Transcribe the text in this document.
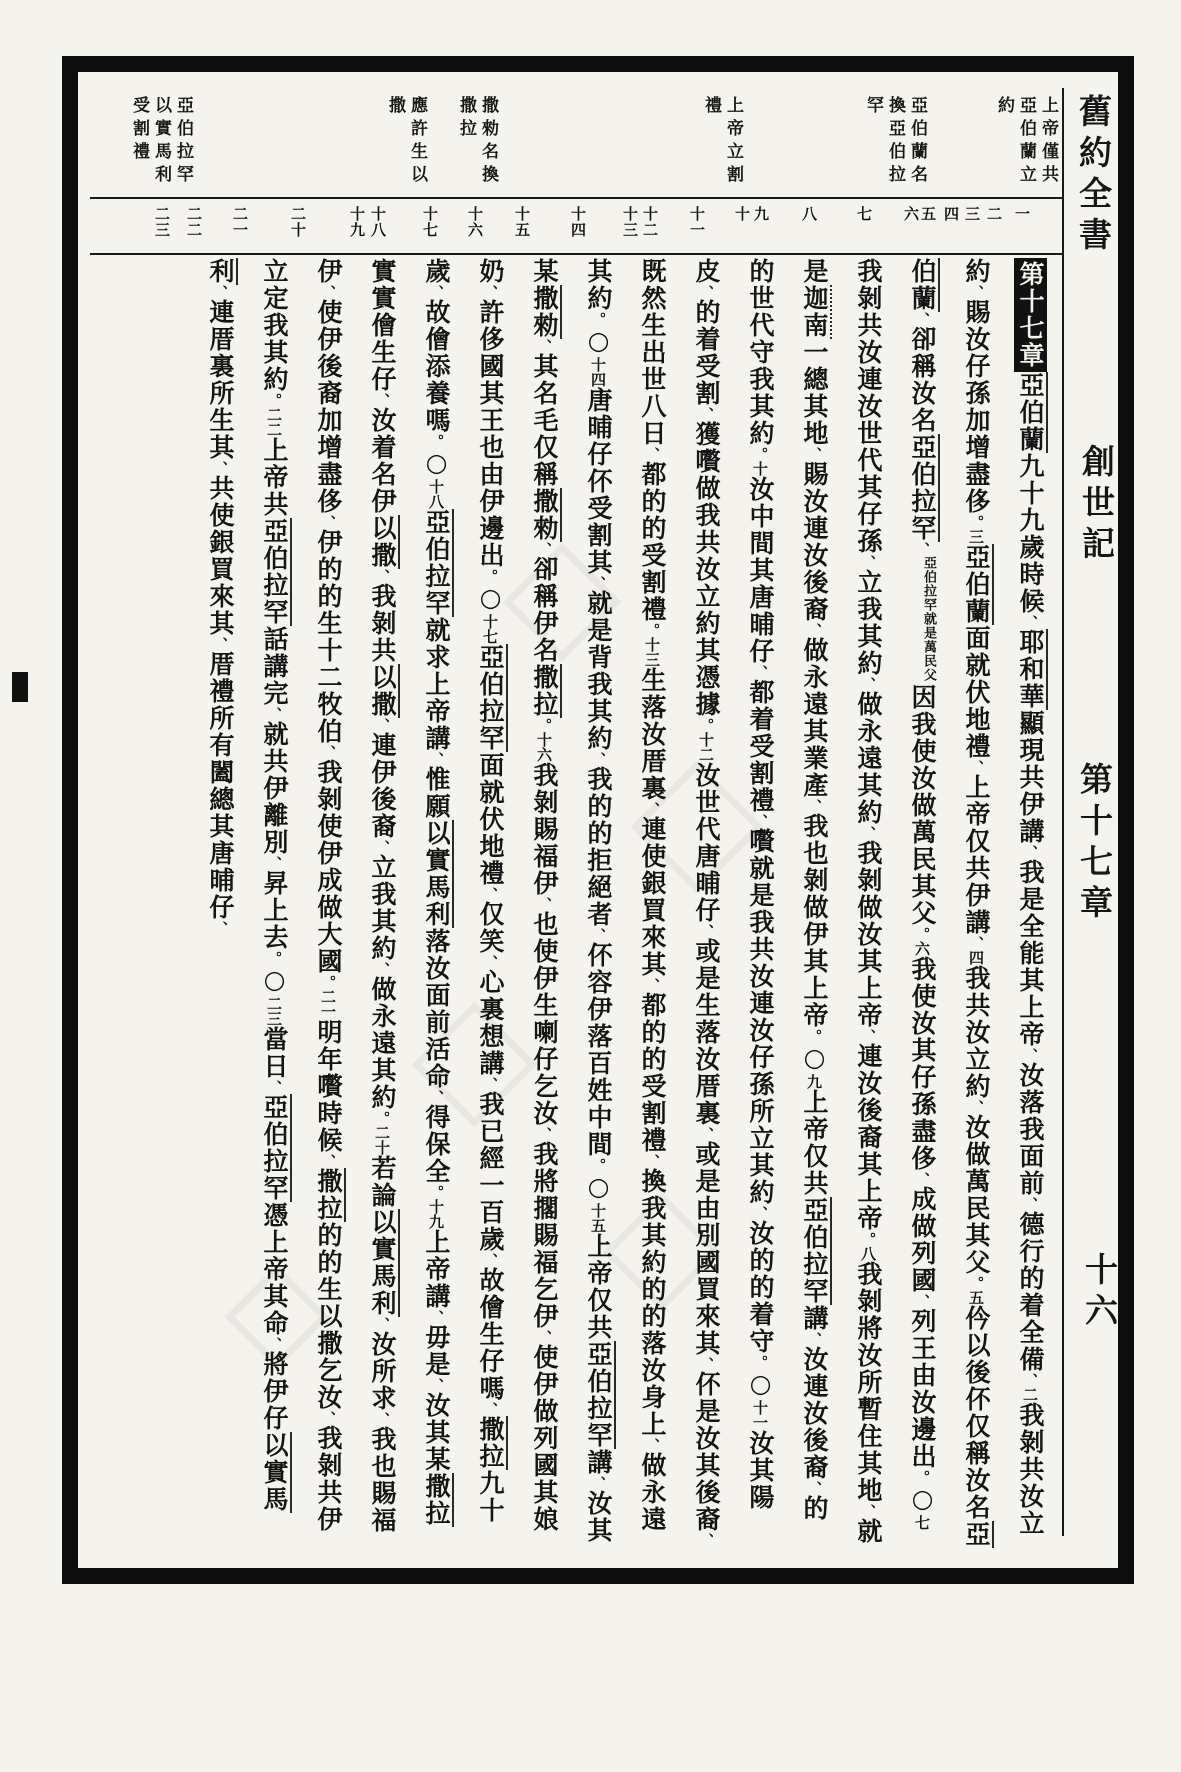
舊約全書
創世記
第十七章
十六
上帝僅共亞伯蘭立約
亞伯蘭名換亞伯拉罕
上帝立割禮
撒勑名換撒拉
應許生以撒
亞伯拉罕以實馬利受割禮
一
二
三
四
五
六
七
八
九
十
十一
十二
十三
十四
十五
十六
十七
十八
十九
二十
二一
二二
二三
第十七章亞伯蘭九十九歲時候、耶和華顯現共伊講、我是全能其上帝、汝落我面前、德行的着全備、二我剝共汝立約、賜汝仔孫加增盡侈。三亞伯蘭面就伏地禮、上帝仅共伊講、四我共汝立約、汝做萬民其父。五仱以後伓仅稱汝名亞伯蘭、卻稱汝名亞伯拉罕、亞伯拉罕就是萬民父因我使汝做萬民其父。六我使汝其仔孫盡侈、成做列國、列王由汝邊出。○七我剝共汝連汝世代其仔孫、立我其約、做永遠其約、我剝做汝其上帝、連汝後裔其上帝。八我剝將汝所暫住其地、就是迦南一總其地、賜汝連汝後裔、做永遠其業產、我也剝做伊其上帝。○九上帝仅共亞伯拉罕講、汝連汝後裔、的的世代守我其約。十汝中間其唐晡仔、都着受割禮、嚽就是我共汝連汝仔孫所立其約、汝的的着守。○十一汝其陽皮、的着受割、獲嚽做我共汝立約其憑據。十二汝世代唐晡仔、或是生落汝厝裏、或是由別國買來其、伓是汝其後裔、既然生出世八日、都的的受割禮。十三生落汝厝裏、連使銀買來其、都的的受割禮、換我其約的的落汝身上、做永遠其約。○十四唐晡仔伓受割其、就是背我其約、我的的拒絕者、伓容伊落百姓中間。○十五上帝仅共亞伯拉罕講、汝其某撒勑、其名毛仅稱撒勑、卻稱伊名撒拉。十六我剝賜福伊、也使伊生喇仔乞汝、我將擱賜福乞伊、使伊做列國其娘奶、許侈國其王也由伊邊出。○十七亞伯拉罕面就伏地禮、仅笑、心裏想講、我已經一百歲、故儈生仔嗎、撒拉九十歲、故儈添養嗎。○十八亞伯拉罕就求上帝講、惟願以實馬利落汝面前活命、得保全。十九上帝講、毋是、汝其某撒拉實實儈生仔、汝着名伊以撒、我剝共以撒、連伊後裔、立我其約、做永遠其約。二十若論以實馬利、汝所求、我也賜福伊、使伊後裔加增盡侈、伊的的生十二牧伯、我剝使伊成做大國。二一明年嚽時候、撒拉的的生以撒乞汝、我剝共伊立定我其約。二二上帝共亞伯拉罕話講完、就共伊離別、昇上去。○二三當日、亞伯拉罕憑上帝其命、將伊仔以實馬利、連厝裏所生其、共使銀買來其、厝禮所有闔總其唐晡仔、
